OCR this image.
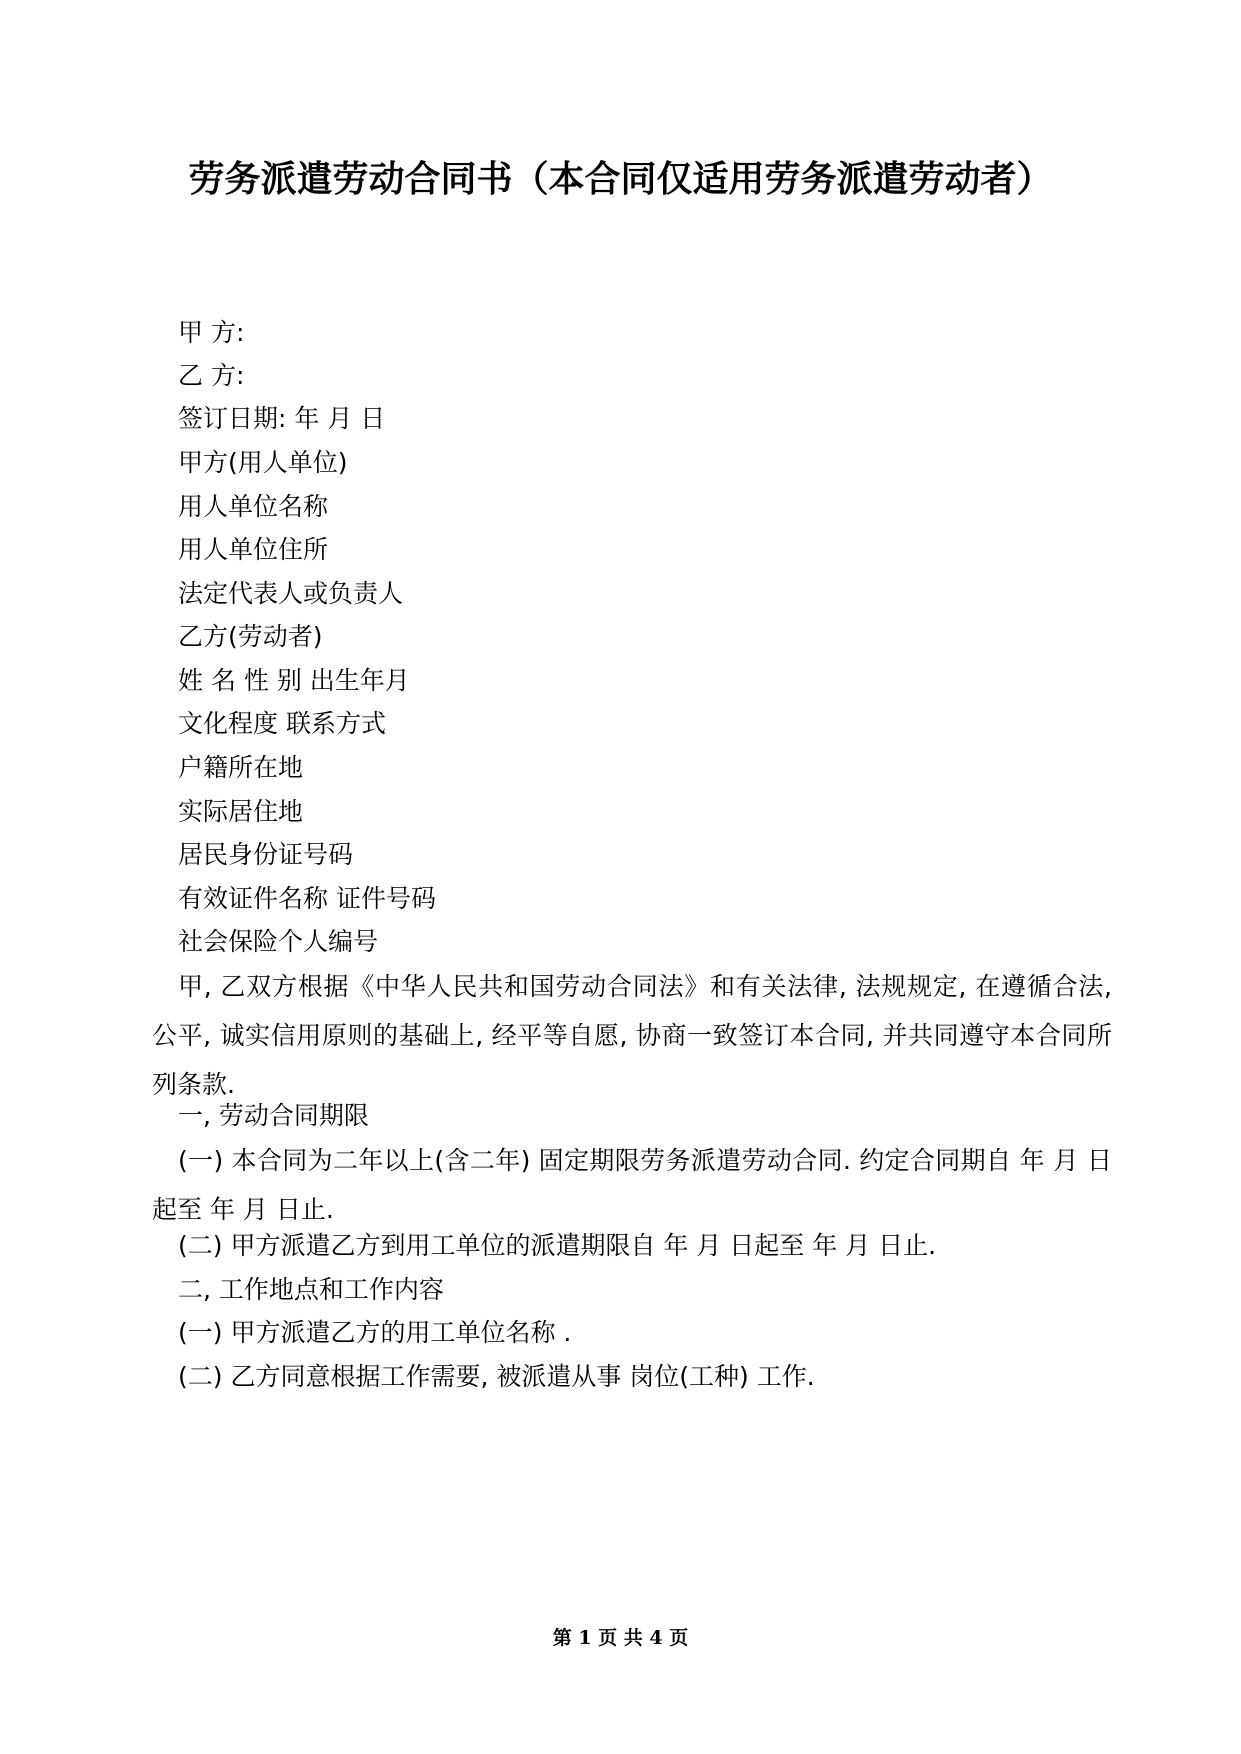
劳务派遣劳动合同书（本合同仅适用劳务派遣劳动者）
甲 方:
乙 方:
签订日期: 年 月 日
甲方(用人单位)
用人单位名称
用人单位住所
法定代表人或负责人
乙方(劳动者)
姓 名 性 别 出生年月
文化程度 联系方式
户籍所在地
实际居住地
居民身份证号码
有效证件名称 证件号码
社会保险个人编号
甲, 乙双方根据《中华人民共和国劳动合同法》和有关法律, 法规规定, 在遵循合法, 公平, 诚实信用原则的基础上, 经平等自愿, 协商一致签订本合同, 并共同遵守本合同所列条款.
一, 劳动合同期限
(一) 本合同为二年以上(含二年) 固定期限劳务派遣劳动合同. 约定合同期自 年 月 日起至 年 月 日止.
(二) 甲方派遣乙方到用工单位的派遣期限自 年 月 日起至 年 月 日止.
二, 工作地点和工作内容
(一) 甲方派遣乙方的用工单位名称 .
(二) 乙方同意根据工作需要, 被派遣从事 岗位(工种) 工作.
第 1 页 共 4 页
